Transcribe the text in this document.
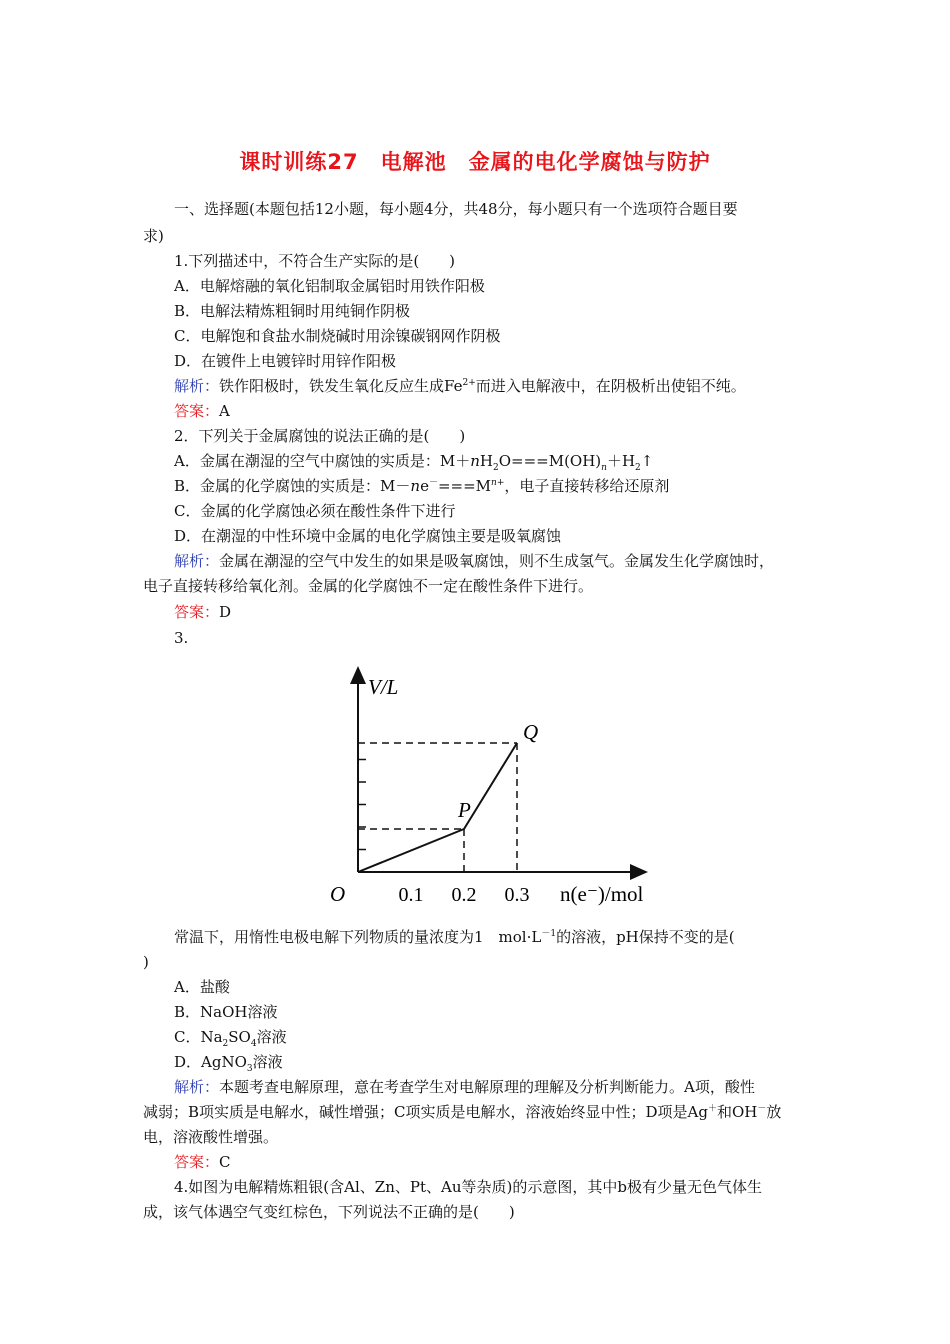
课时训练27　电解池　金属的电化学腐蚀与防护
一、选择题(本题包括12小题，每小题4分，共48分，每小题只有一个选项符合题目要
求)
1.下列描述中，不符合生产实际的是(　　)
A．电解熔融的氧化铝制取金属铝时用铁作阳极
B．电解法精炼粗铜时用纯铜作阴极
C．电解饱和食盐水制烧碱时用涂镍碳钢网作阴极
D．在镀件上电镀锌时用锌作阳极
解析：铁作阳极时，铁发生氧化反应生成$Fe^{2+}$而进入电解液中，在阴极析出使铝不纯。
答案：A
2．下列关于金属腐蚀的说法正确的是(　　)
A．金属在潮湿的空气中腐蚀的实质是：$M+nH_2O===M(OH)_n+H_2↑$
B．金属的化学腐蚀的实质是：$M-ne^-===M^{n+}$，电子直接转移给还原剂
C．金属的化学腐蚀必须在酸性条件下进行
D．在潮湿的中性环境中金属的电化学腐蚀主要是吸氧腐蚀
解析：金属在潮湿的空气中发生的如果是吸氧腐蚀，则不生成氢气。金属发生化学腐蚀时，
电子直接转移给氧化剂。金属的化学腐蚀不一定在酸性条件下进行。
答案：D
3.
0.1 0.2 0.3
P
Q
V/L
O	n(e⁻)/mol
常温下，用惰性电极电解下列物质的量浓度为1　$mol\cdot L^{-1}$的溶液，pH保持不变的是(
)
A．盐酸
B．NaOH溶液
C．$Na_2SO_4$溶液
D．AgNO$_3$溶液
解析：本题考查电解原理，意在考查学生对电解原理的理解及分析判断能力。A项，酸性
减弱；B项实质是电解水，碱性增强；C项实质是电解水，溶液始终显中性；D项是Ag＋和OH－放
电，溶液酸性增强。
答案：C
4.如图为电解精炼粗银(含Al、Zn、Pt、Au等杂质)的示意图，其中b极有少量无色气体生
成，该气体遇空气变红棕色，下列说法不正确的是(　　)
